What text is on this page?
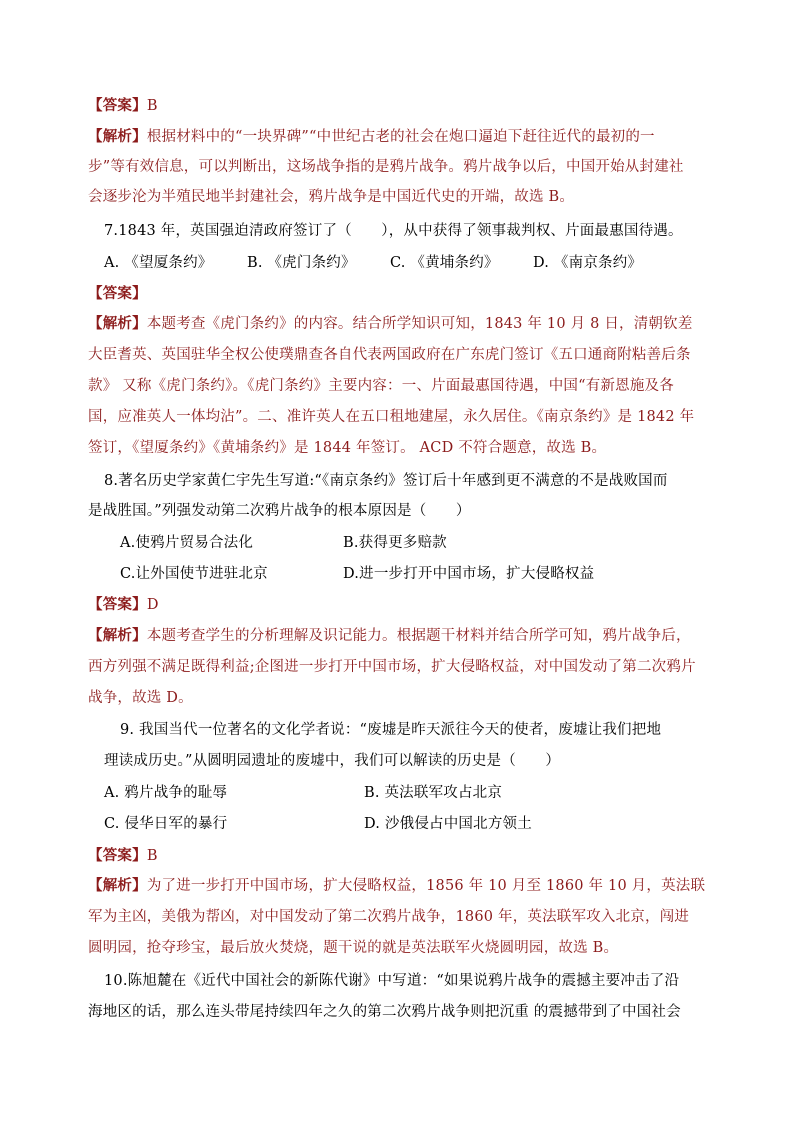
【答案】B
【解析】根据材料中的“一块界碑”“中世纪古老的社会在炮口逼迫下赶往近代的最初的一
步”等有效信息，可以判断出，这场战争指的是鸦片战争。鸦片战争以后，中国开始从封建社
会逐步沦为半殖民地半封建社会，鸦片战争是中国近代史的开端，故选 B。
7.1843 年，英国强迫清政府签订了（　　），从中获得了领事裁判权、片面最惠国待遇。
A. 《望厦条约》 B. 《虎门条约》 C. 《黄埔条约》 D. 《南京条约》
【答案】
【解析】本题考查《虎门条约》的内容。结合所学知识可知，1843 年 10 月 8 日，清朝钦差
大臣耆英、英国驻华全权公使璞鼎查各自代表两国政府在广东虎门签订《五口通商附粘善后条
款》 又称《虎门条约》。《虎门条约》主要内容：一、片面最惠国待遇，中国“有新恩施及各
国，应准英人一体均沾”。二、准许英人在五口租地建屋，永久居住。《南京条约》是 1842 年
签订，《望厦条约》《黄埔条约》是 1844 年签订。 ACD 不符合题意，故选 B。
8.著名历史学家黄仁宇先生写道:“《南京条约》签订后十年感到更不满意的不是战败国而
是战胜国。”列强发动第二次鸦片战争的根本原因是（　　）
A.使鸦片贸易合法化	B.获得更多赔款
C.让外国使节进驻北京	D.进一步打开中国市场，扩大侵略权益
【答案】D
【解析】本题考查学生的分析理解及识记能力。根据题干材料并结合所学可知，鸦片战争后，
西方列强不满足既得利益;企图进一步打开中国市场，扩大侵略权益，对中国发动了第二次鸦片
战争，故选 D。
9. 我国当代一位著名的文化学者说：“废墟是昨天派往今天的使者，废墟让我们把地
理读成历史。”从圆明园遗址的废墟中，我们可以解读的历史是（　　）
A. 鸦片战争的耻辱	B. 英法联军攻占北京
C. 侵华日军的暴行	D. 沙俄侵占中国北方领土
【答案】B
【解析】为了进一步打开中国市场，扩大侵略权益，1856 年 10 月至 1860 年 10 月，英法联
军为主凶，美俄为帮凶，对中国发动了第二次鸦片战争，1860 年，英法联军攻入北京，闯进
圆明园，抢夺珍宝，最后放火焚烧，题干说的就是英法联军火烧圆明园，故选 B。
10.陈旭麓在《近代中国社会的新陈代谢》中写道：“如果说鸦片战争的震撼主要冲击了沿
海地区的话，那么连头带尾持续四年之久的第二次鸦片战争则把沉重 的震撼带到了中国社会
